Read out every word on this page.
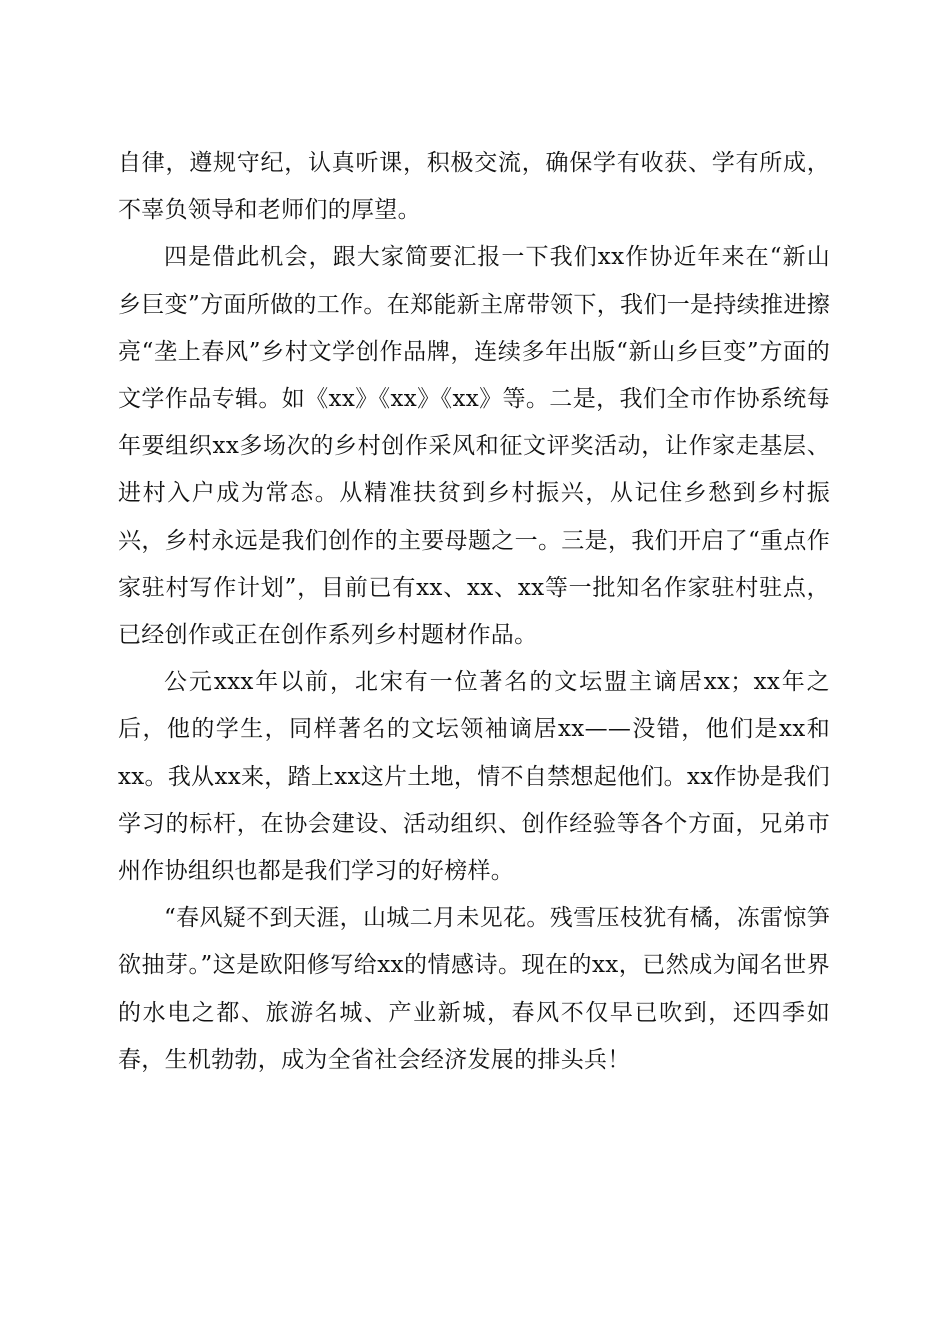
自律，遵规守纪，认真听课，积极交流，确保学有收获、学有所成，不辜负领导和老师们的厚望。

四是借此机会，跟大家简要汇报一下我们xx作协近年来在“新山乡巨变”方面所做的工作。在郑能新主席带领下，我们一是持续推进擦亮“垄上春风”乡村文学创作品牌，连续多年出版“新山乡巨变”方面的文学作品专辑。如《xx》《xx》《xx》等。二是，我们全市作协系统每年要组织xx多场次的乡村创作采风和征文评奖活动，让作家走基层、进村入户成为常态。从精准扶贫到乡村振兴，从记住乡愁到乡村振兴，乡村永远是我们创作的主要母题之一。三是，我们开启了“重点作家驻村写作计划”，目前已有xx、xx、xx等一批知名作家驻村驻点，已经创作或正在创作系列乡村题材作品。

公元xxx年以前，北宋有一位著名的文坛盟主谪居xx；xx年之后，他的学生，同样著名的文坛领袖谪居xx——没错，他们是xx和xx。我从xx来，踏上xx这片土地，情不自禁想起他们。xx作协是我们学习的标杆，在协会建设、活动组织、创作经验等各个方面，兄弟市州作协组织也都是我们学习的好榜样。

“春风疑不到天涯，山城二月未见花。残雪压枝犹有橘，冻雷惊笋欲抽芽。”这是欧阳修写给xx的情感诗。现在的xx，已然成为闻名世界的水电之都、旅游名城、产业新城，春风不仅早已吹到，还四季如春，生机勃勃，成为全省社会经济发展的排头兵！
